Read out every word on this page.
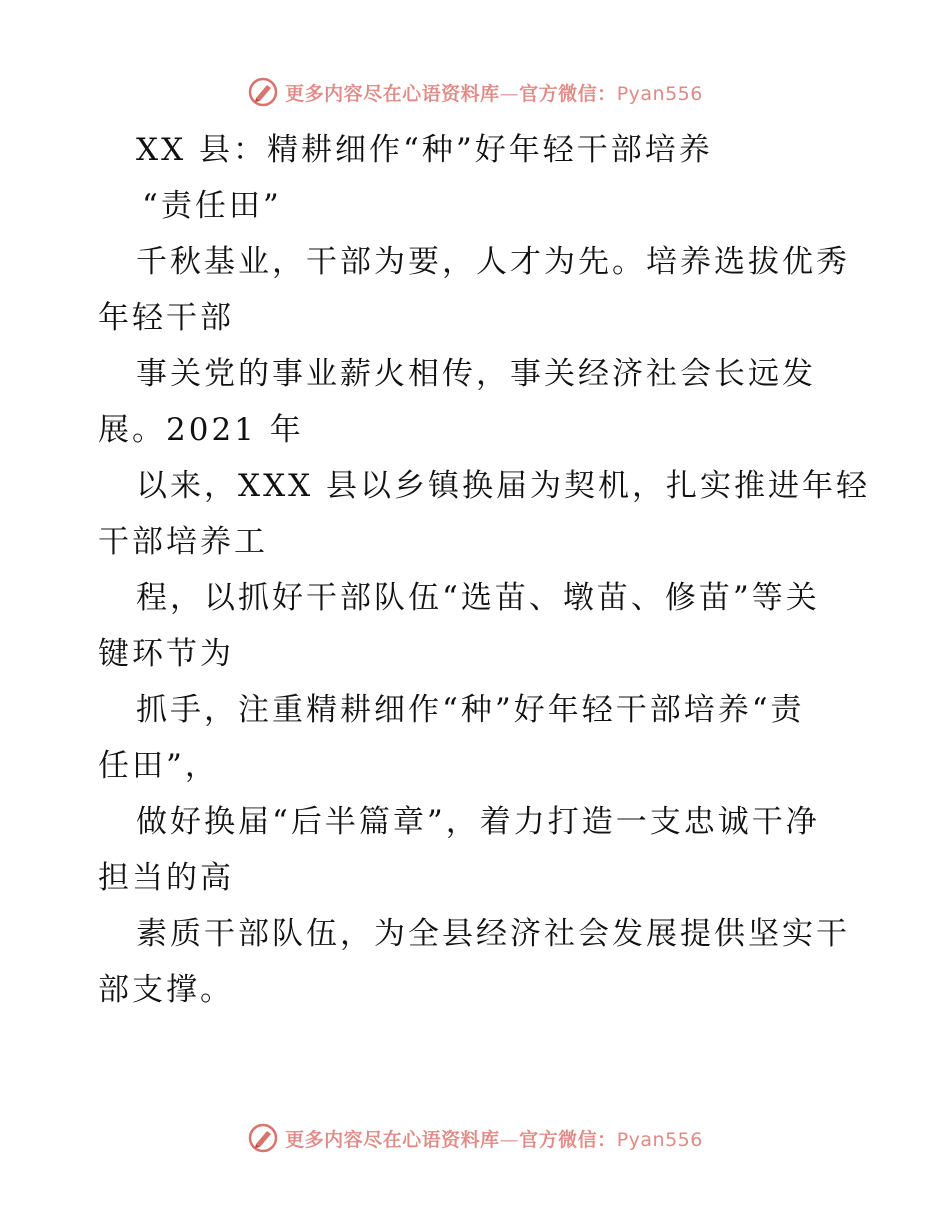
更多内容尽在心语资料库—官方微信：Pyan556
XX 县：精耕细作“种”好年轻干部培养
“责任田”
千秋基业，干部为要，人才为先。培养选拔优秀
年轻干部
事关党的事业薪火相传，事关经济社会长远发
展。2021 年
以来，XXX 县以乡镇换届为契机，扎实推进年轻
干部培养工
程，以抓好干部队伍“选苗、墩苗、修苗”等关
键环节为
抓手，注重精耕细作“种”好年轻干部培养“责
任田”，
做好换届“后半篇章”，着力打造一支忠诚干净
担当的高
素质干部队伍，为全县经济社会发展提供坚实干
部支撑。
更多内容尽在心语资料库—官方微信：Pyan556
